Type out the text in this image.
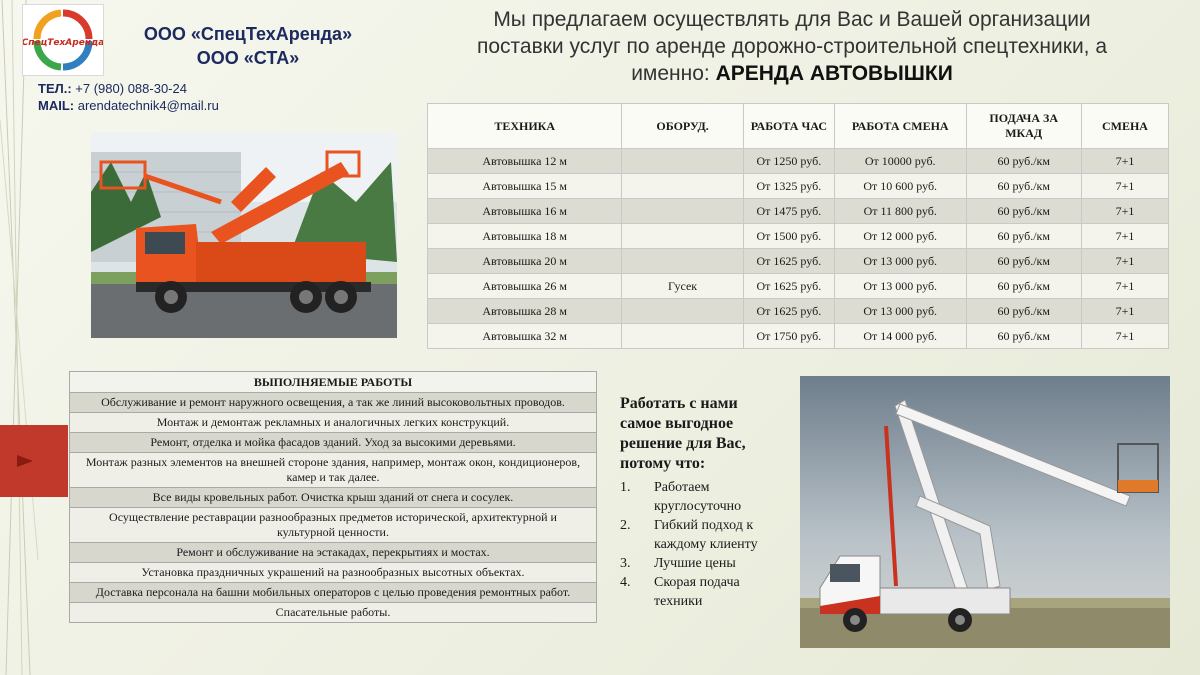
СпецТехАренда	ООО «СпецТехАренда»
ООО «СТА»
ТЕЛ.: +7 (980) 088-30-24
MAIL: arendatechnik4@mail.ru
Мы предлагаем осуществлять для Вас и Вашей организации
поставки услуг по аренде дорожно-строительной спецтехники, а
именно: АРЕНДА АВТОВЫШКИ
ТЕХНИКА	ОБОРУД.	РАБОТА ЧАС	РАБОТА СМЕНА	ПОДАЧА ЗА МКАД	СМЕНА
Автовышка 12 м		От 1250 руб.	От 10000 руб.	60 руб./км	7+1
Автовышка 15 м		От 1325 руб.	От 10 600 руб.	60 руб./км	7+1
Автовышка 16 м		От 1475 руб.	От 11 800 руб.	60 руб./км	7+1
Автовышка 18 м		От 1500 руб.	От 12 000 руб.	60 руб./км	7+1
Автовышка 20 м		От 1625 руб.	От 13 000 руб.	60 руб./км	7+1
Автовышка 26 м	Гусек	От 1625 руб.	От 13 000 руб.	60 руб./км	7+1
Автовышка 28 м		От 1625 руб.	От 13 000 руб.	60 руб./км	7+1
Автовышка 32 м		От 1750 руб.	От 14 000 руб.	60 руб./км	7+1
ВЫПОЛНЯЕМЫЕ РАБОТЫ
Обслуживание и ремонт наружного освещения, а так же линий высоковольтных проводов.
Монтаж и демонтаж рекламных и аналогичных легких конструкций.
Ремонт, отделка и мойка фасадов зданий. Уход за высокими деревьями.
Монтаж разных элементов на внешней стороне здания, например, монтаж окон, кондиционеров, камер и так далее.
Все виды кровельных работ. Очистка крыш зданий от снега и сосулек.
Осуществление реставрации разнообразных предметов исторической, архитектурной и культурной ценности.
Ремонт и обслуживание на эстакадах, перекрытиях и мостах.
Установка праздничных украшений на разнообразных высотных объектах.
Доставка персонала на башни мобильных операторов с целью проведения ремонтных работ.
Спасательные работы.
Работать с нами самое выгодное решение для Вас, потому что:
1.	Работаем круглосуточно
2.	Гибкий подход к каждому клиенту
3.	Лучшие цены
4.	Скорая подача техники
